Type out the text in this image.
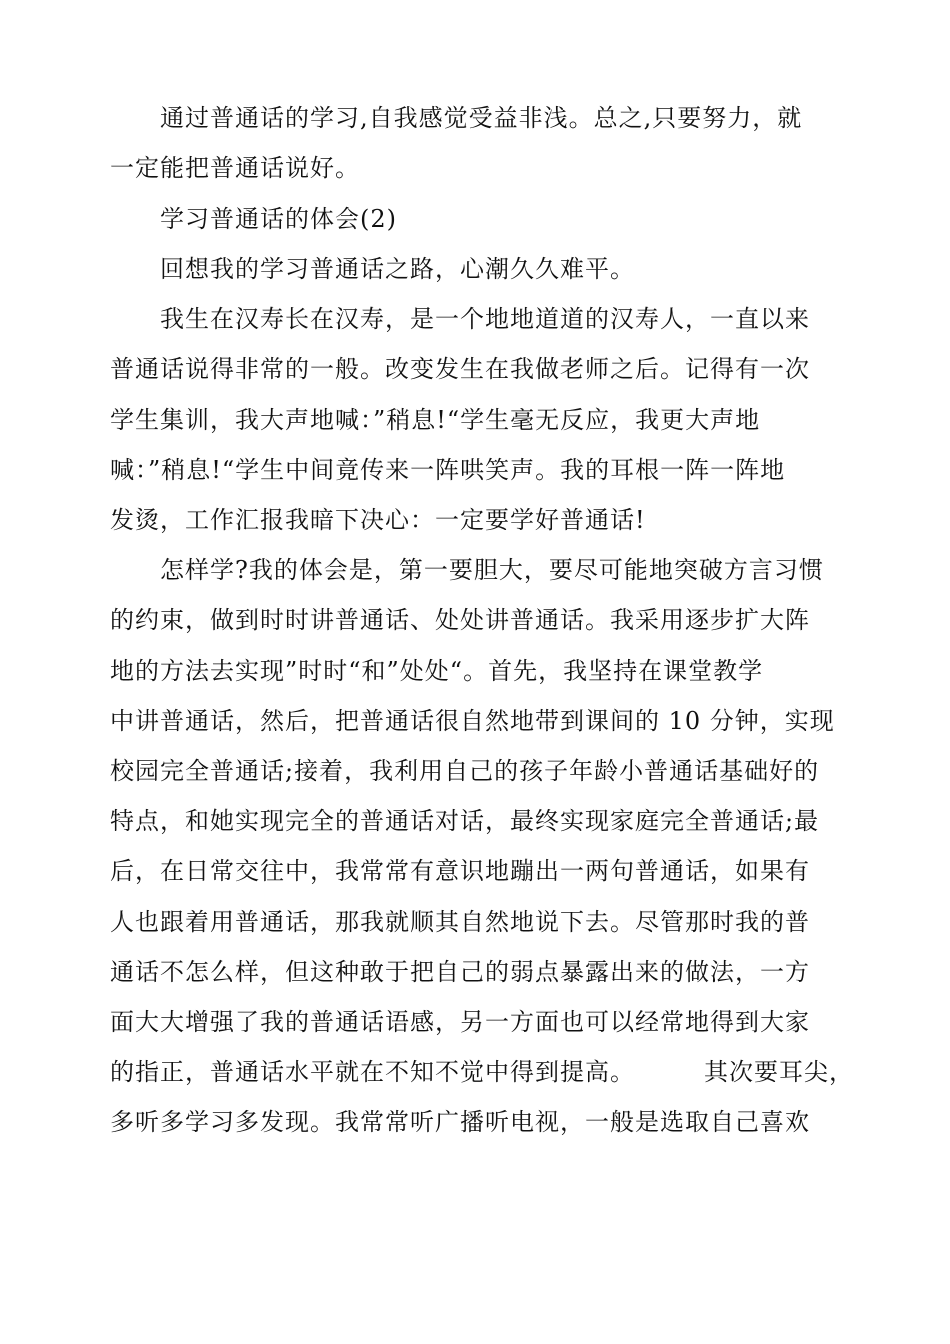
通过普通话的学习,自我感觉受益非浅。总之,只要努力，就
一定能把普通话说好。
学习普通话的体会(2)
回想我的学习普通话之路，心潮久久难平。
我生在汉寿长在汉寿，是一个地地道道的汉寿人，一直以来
普通话说得非常的一般。改变发生在我做老师之后。记得有一次
学生集训，我大声地喊：”稍息!“学生毫无反应，我更大声地
喊：”稍息!“学生中间竟传来一阵哄笑声。我的耳根一阵一阵地
发烫，工作汇报我暗下决心：一定要学好普通话!
怎样学?我的体会是，第一要胆大，要尽可能地突破方言习惯
的约束，做到时时讲普通话、处处讲普通话。我采用逐步扩大阵
地的方法去实现”时时“和”处处“。首先，我坚持在课堂教学
中讲普通话，然后，把普通话很自然地带到课间的 10 分钟，实现
校园完全普通话;接着，我利用自己的孩子年龄小普通话基础好的
特点，和她实现完全的普通话对话，最终实现家庭完全普通话;最
后，在日常交往中，我常常有意识地蹦出一两句普通话，如果有
人也跟着用普通话，那我就顺其自然地说下去。尽管那时我的普
通话不怎么样，但这种敢于把自己的弱点暴露出来的做法，一方
面大大增强了我的普通话语感，另一方面也可以经常地得到大家
的指正，普通话水平就在不知不觉中得到提高。        其次要耳尖，
多听多学习多发现。我常常听广播听电视，一般是选取自己喜欢
